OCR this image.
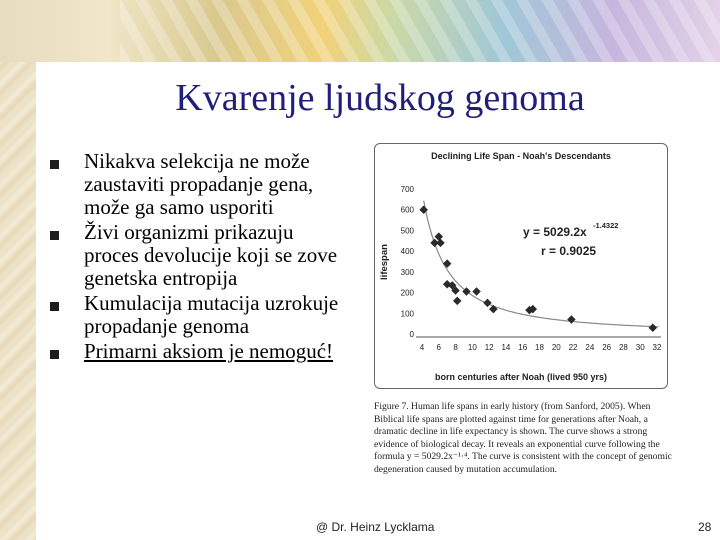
Kvarenje ljudskog genoma
Nikakva selekcija ne može zaustaviti propadanje gena, može ga samo usporiti
Živi organizmi prikazuju proces devolucije koji se zove genetska entropija
Kumulacija mutacija uzrokuje propadanje genoma
Primarni aksiom je nemoguć!
Declining Life Span - Noah's Descendants
lifespan
born centuries after Noah (lived 950 yrs)
700
600
500
400
300
200
100
0
4 6 8 10 12 14 16 18 20 22 24 26 28 30 32
y = 5029.2x -1.4322
r = 0.9025
Figure 7. Human life spans in early history (from Sanford, 2005). When Biblical life spans are plotted against time for generations after Noah, a dramatic decline in life expectancy is shown. The curve shows a strong evidence of biological decay. It reveals an exponential curve following the formula y = 5029.2x⁻¹·⁴. The curve is consistent with the concept of genomic degeneration caused by mutation accumulation.
@ Dr. Heinz Lycklama	28
